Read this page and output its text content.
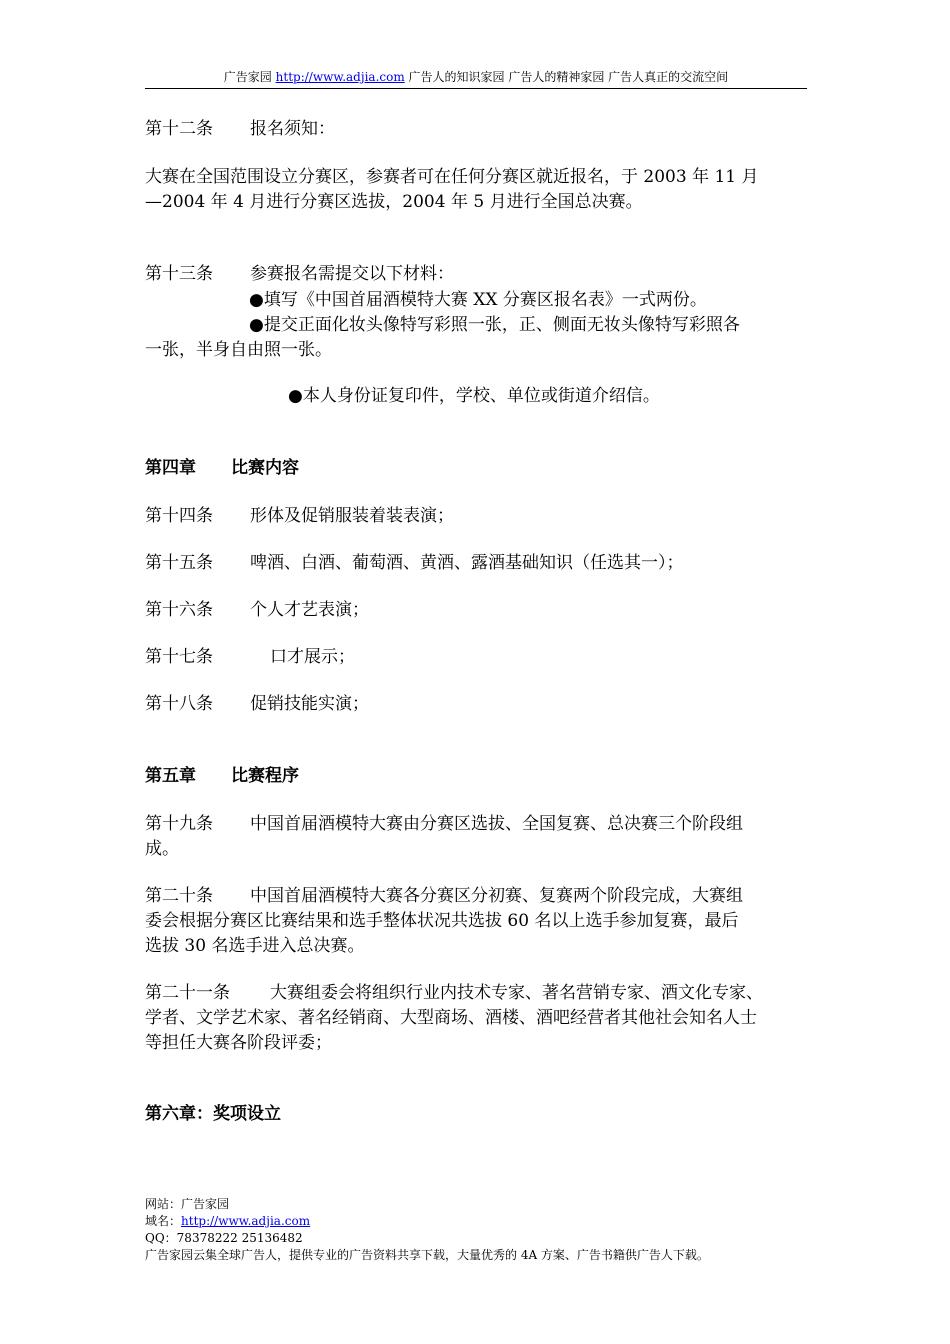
广告家园 http://www.adjia.com 广告人的知识家园 广告人的精神家园 广告人真正的交流空间

第十二条 报名须知：

大赛在全国范围设立分赛区，参赛者可在任何分赛区就近报名，于 2003 年 11 月

—2004 年 4 月进行分赛区选拔，2004 年 5 月进行全国总决赛。

第十三条 参赛报名需提交以下材料：

●填写《中国首届酒模特大赛 XX 分赛区报名表》一式两份。

●提交正面化妆头像特写彩照一张，正、侧面无妆头像特写彩照各

一张，半身自由照一张。

●本人身份证复印件，学校、单位或街道介绍信。

第四章 比赛内容

第十四条 形体及促销服装着装表演；

第十五条 啤酒、白酒、葡萄酒、黄酒、露酒基础知识（任选其一）；

第十六条 个人才艺表演；

第十七条	口才展示；

第十八条 促销技能实演；

第五章 比赛程序

第十九条 中国首届酒模特大赛由分赛区选拔、全国复赛、总决赛三个阶段组

成。

第二十条 中国首届酒模特大赛各分赛区分初赛、复赛两个阶段完成，大赛组

委会根据分赛区比赛结果和选手整体状况共选拔 60 名以上选手参加复赛，最后

选拔 30 名选手进入总决赛。

第二十一条 大赛组委会将组织行业内技术专家、著名营销专家、酒文化专家、

学者、文学艺术家、著名经销商、大型商场、酒楼、酒吧经营者其他社会知名人士

等担任大赛各阶段评委；

第六章：奖项设立

网站：广告家园
域名：http://www.adjia.com
QQ：78378222 25136482
广告家园云集全球广告人，提供专业的广告资料共享下载，大量优秀的 4A 方案、广告书籍供广告人下载。
